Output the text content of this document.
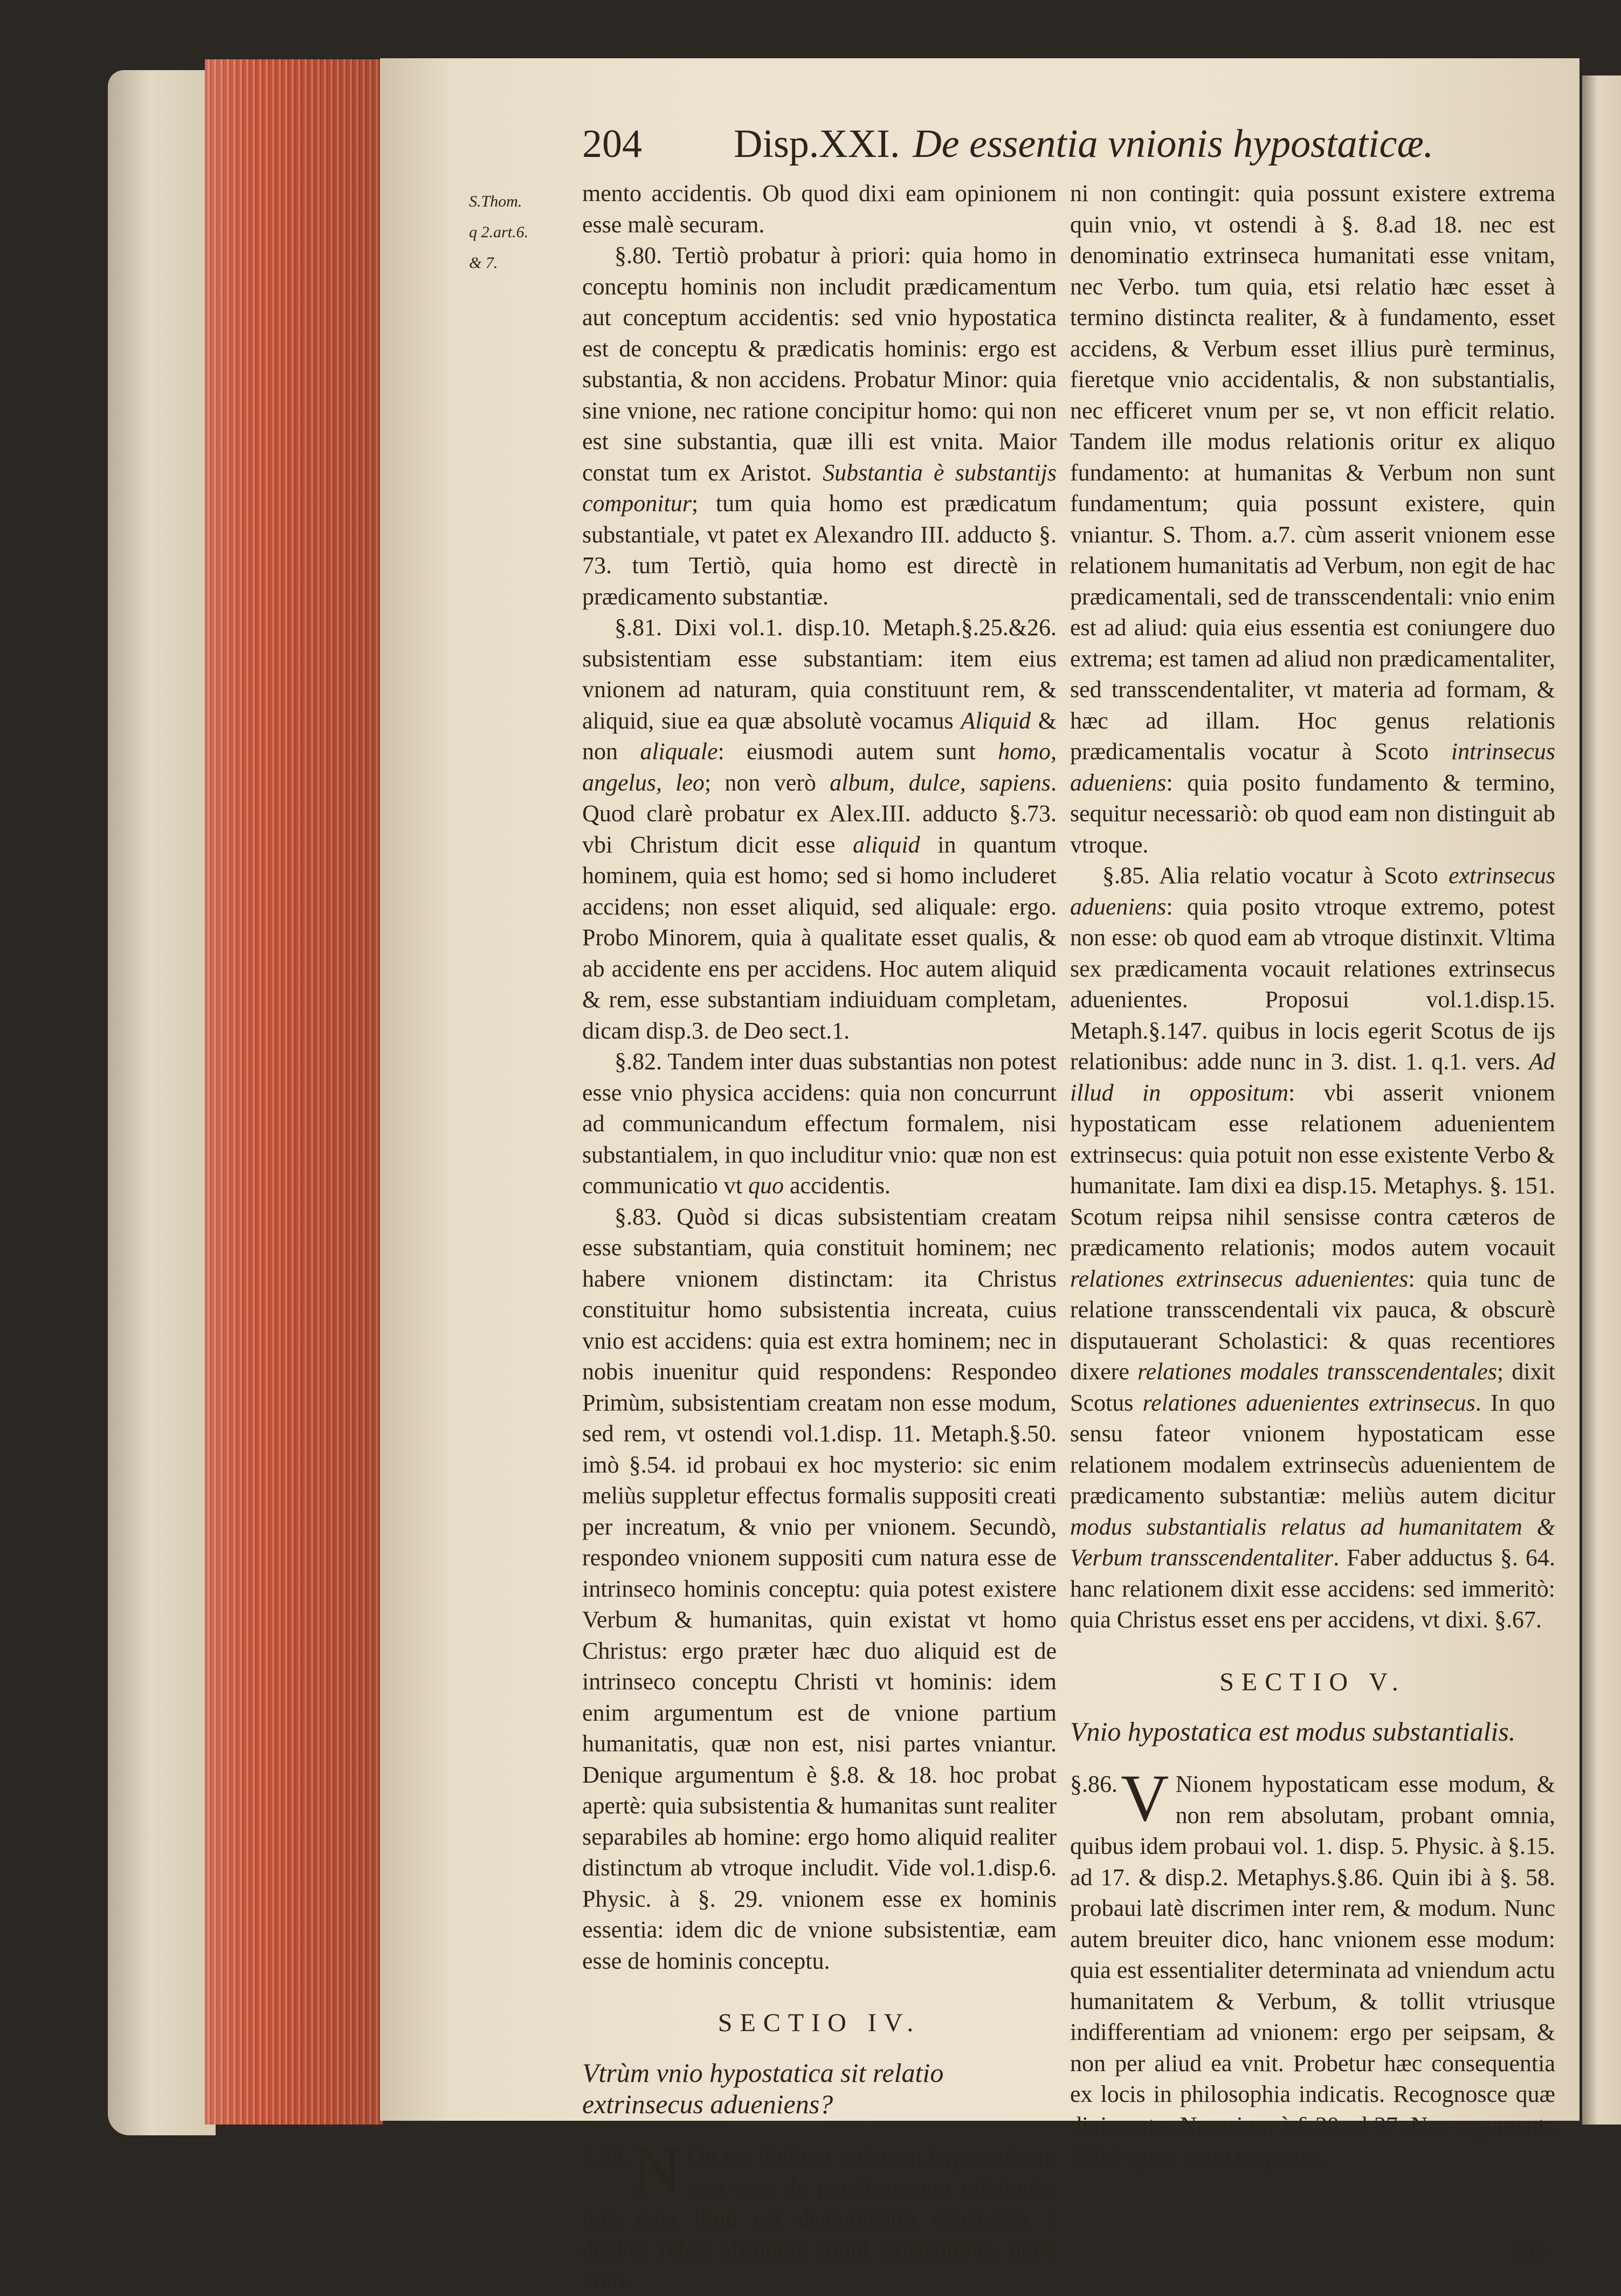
204 Disp.XXI. De essentia vnionis hypostaticæ.
S.Thom.
q 2.art.6.
& 7.

mento accidentis. Ob quod dixi eam opinionem esse malè securam.

§.80. Tertiò probatur à priori: quia homo in conceptu hominis non includit prædicamentum aut conceptum accidentis: sed vnio hypostatica est de conceptu & prædicatis hominis: ergo est substantia, & non accidens. Probatur Minor: quia sine vnione, nec ratione concipitur homo: qui non est sine substantia, quæ illi est vnita. Maior constat tum ex Aristot. Substantia è substantijs componitur; tum quia homo est prædicatum substantiale, vt patet ex Alexandro III. adducto §. 73. tum Tertiò, quia homo est directè in prædicamento substantiæ.

§.81. Dixi vol.1. disp.10. Metaph.§.25.&26. subsistentiam esse substantiam: item eius vnionem ad naturam, quia constituunt rem, & aliquid, siue ea quæ absolutè vocamus Aliquid & non aliquale: eiusmodi autem sunt homo, angelus, leo; non verò album, dulce, sapiens. Quod clarè probatur ex Alex.III. adducto §.73. vbi Christum dicit esse aliquid in quantum hominem, quia est homo; sed si homo includeret accidens; non esset aliquid, sed aliquale: ergo. Probo Minorem, quia à qualitate esset qualis, & ab accidente ens per accidens. Hoc autem aliquid & rem, esse substantiam indiuiduam completam, dicam disp.3. de Deo sect.1.

§.82. Tandem inter duas substantias non potest esse vnio physica accidens: quia non concurrunt ad communicandum effectum formalem, nisi substantialem, in quo includitur vnio: quæ non est communicatio vt quo accidentis.

§.83. Quòd si dicas subsistentiam creatam esse substantiam, quia constituit hominem; nec habere vnionem distinctam: ita Christus constituitur homo subsistentia increata, cuius vnio est accidens: quia est extra hominem; nec in nobis inuenitur quid respondens: Respondeo Primùm, subsistentiam creatam non esse modum, sed rem, vt ostendi vol.1.disp. 11. Metaph.§.50. imò §.54. id probaui ex hoc mysterio: sic enim meliùs suppletur effectus formalis suppositi creati per increatum, & vnio per vnionem. Secundò, respondeo vnionem suppositi cum natura esse de intrinseco hominis conceptu: quia potest existere Verbum & humanitas, quin existat vt homo Christus: ergo præter hæc duo aliquid est de intrinseco conceptu Christi vt hominis: idem enim argumentum est de vnione partium humanitatis, quæ non est, nisi partes vniantur. Denique argumentum è §.8. & 18. hoc probat apertè: quia subsistentia & humanitas sunt realiter separabiles ab homine: ergo homo aliquid realiter distinctum ab vtroque includit. Vide vol.1.disp.6. Physic. à §. 29. vnionem esse ex hominis essentia: idem dic de vnione subsistentiæ, eam esse de hominis conceptu.

SECTIO IV.
Vtrùm vnio hypostatica sit relatio extrinsecus adueniens?

§.84. N On est dubium vnionem hypostaticam non esse de prædicamento relationis: tum quia illud est denominatio extrinseca à duabus rebus absolutis simul existentibus. quod vnio-

ni non contingit: quia possunt existere extrema quin vnio, vt ostendi à §. 8.ad 18. nec est denominatio extrinseca humanitati esse vnitam, nec Verbo. tum quia, etsi relatio hæc esset à termino distincta realiter, & à fundamento, esset accidens, & Verbum esset illius purè terminus, fieretque vnio accidentalis, & non substantialis, nec efficeret vnum per se, vt non efficit relatio. Tandem ille modus relationis oritur ex aliquo fundamento: at humanitas & Verbum non sunt fundamentum; quia possunt existere, quin vniantur. S. Thom. a.7. cùm asserit vnionem esse relationem humanitatis ad Verbum, non egit de hac prædicamentali, sed de transscendentali: vnio enim est ad aliud: quia eius essentia est coniungere duo extrema; est tamen ad aliud non prædicamentaliter, sed transscendentaliter, vt materia ad formam, & hæc ad illam. Hoc genus relationis prædicamentalis vocatur à Scoto intrinsecus adueniens: quia posito fundamento & termino, sequitur necessariò: ob quod eam non distinguit ab vtroque.

§.85. Alia relatio vocatur à Scoto extrinsecus adueniens: quia posito vtroque extremo, potest non esse: ob quod eam ab vtroque distinxit. Vltima sex prædicamenta vocauit relationes extrinsecus aduenientes. Proposui vol.1.disp.15. Metaph.§.147. quibus in locis egerit Scotus de ijs relationibus: adde nunc in 3. dist. 1. q.1. vers. Ad illud in oppositum: vbi asserit vnionem hypostaticam esse relationem aduenientem extrinsecus: quia potuit non esse existente Verbo & humanitate. Iam dixi ea disp.15. Metaphys. §. 151. Scotum reipsa nihil sensisse contra cæteros de prædicamento relationis; modos autem vocauit relationes extrinsecus aduenientes: quia tunc de relatione transscendentali vix pauca, & obscurè disputauerant Scholastici: & quas recentiores dixere relationes modales transscendentales; dixit Scotus relationes aduenientes extrinsecus. In quo sensu fateor vnionem hypostaticam esse relationem modalem extrinsecùs aduenientem de prædicamento substantiæ: meliùs autem dicitur modus substantialis relatus ad humanitatem & Verbum transscendentaliter. Faber adductus §. 64. hanc relationem dixit esse accidens: sed immeritò: quia Christus esset ens per accidens, vt dixi. §.67.

SECTIO V.
Vnio hypostatica est modus substantialis.

§.86. V Nionem hypostaticam esse modum, & non rem absolutam, probant omnia, quibus idem probaui vol. 1. disp. 5. Physic. à §.15. ad 17. & disp.2. Metaphys.§.86. Quin ibi à §. 58. probaui latè discrimen inter rem, & modum. Nunc autem breuiter dico, hanc vnionem esse modum: quia est essentialiter determinata ad vniendum actu humanitatem & Verbum, & tollit vtriusque indifferentiam ad vnionem: ergo per seipsam, & non per aliud ea vnit. Probetur hæc consequentia ex locis in philosophia indicatis. Recognosce quæ dixi contra Nazarium à §.30.ad 37. Nec argumenta Fabri egent nouo responso.

SE-
